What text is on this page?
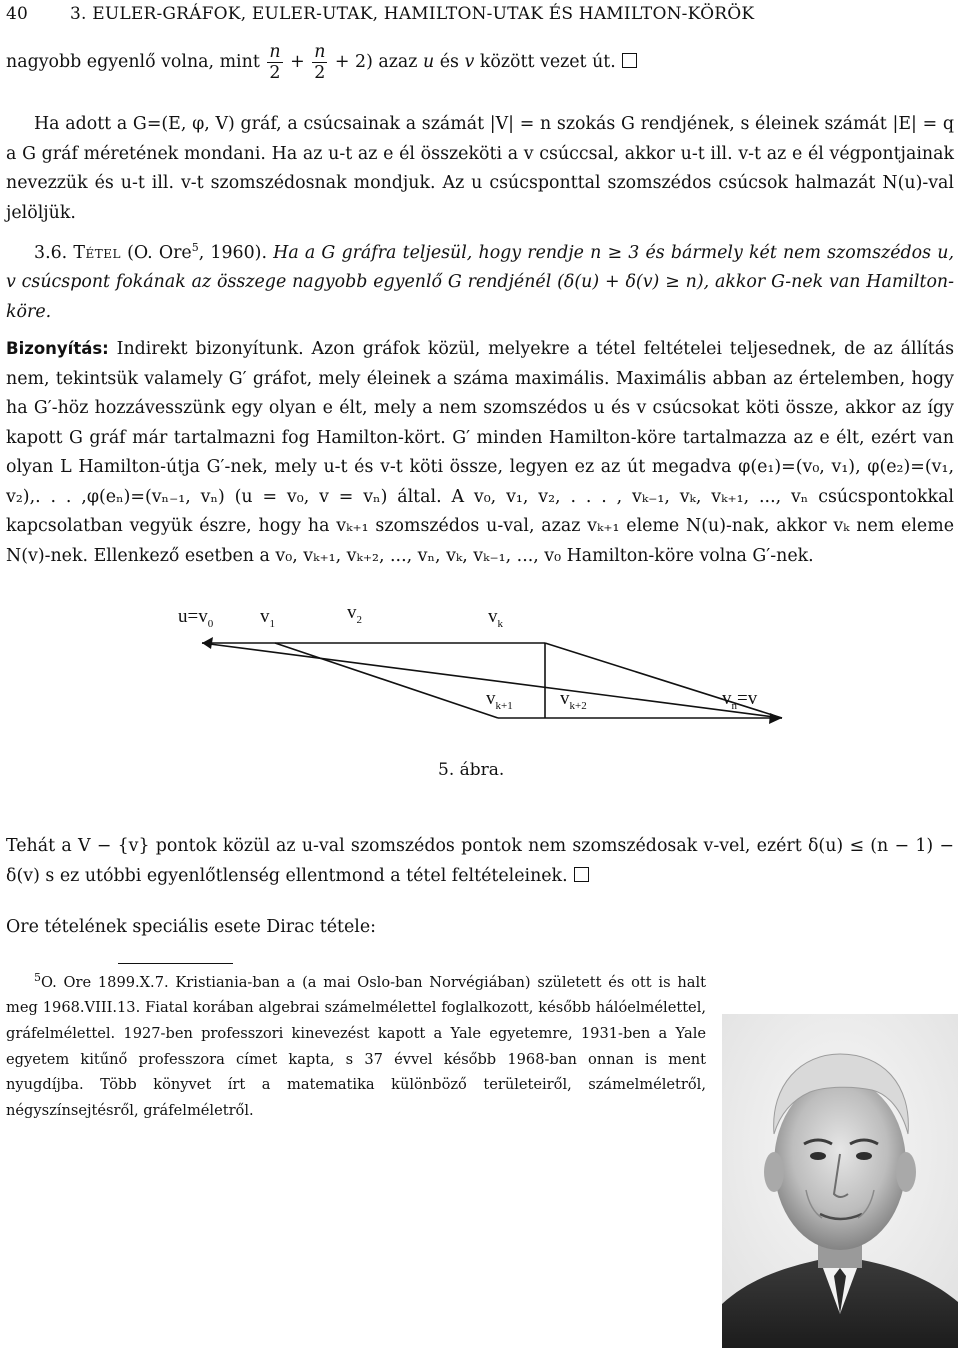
40 3. EULER-GRÁFOK, EULER-UTAK, HAMILTON-UTAK ÉS HAMILTON-KÖRÖK

nagyobb egyenlő volna, mint $\frac{n}{2} + \frac{n}{2} + 2$) azaz u és v között vezet út.

Ha adott a G=(E, φ, V) gráf, a csúcsainak a számát |V| = n szokás G rendjének, s éleinek számát |E| = q a G gráf méretének mondani. Ha az u-t az e él összeköti a v csúccsal, akkor u-t ill. v-t az e él végpontjainak nevezzük és u-t ill. v-t szomszédosnak mondjuk. Az u csúcsponttal szomszédos csúcsok halmazát N(u)-val jelöljük.

3.6. Tétel (O. Ore$^5$, 1960). Ha a G gráfra teljesül, hogy rendje n ≥ 3 és bármely két nem szomszédos u, v csúcspont fokának az összege nagyobb egyenlő G rendjénél (δ(u) + δ(v) ≥ n), akkor G-nek van Hamilton-köre.

Bizonyítás: Indirekt bizonyítunk. Azon gráfok közül, melyekre a tétel feltételei teljesednek, de az állítás nem, tekintsük valamely G′ gráfot, mely éleinek a száma maximális. Maximális abban az értelemben, hogy ha G′-höz hozzávesszünk egy olyan e élt, mely a nem szomszédos u és v csúcsokat köti össze, akkor az így kapott G gráf már tartalmazni fog Hamilton-kört. G′ minden Hamilton-köre tartalmazza az e élt, ezért van olyan L Hamilton-útja G′-nek, mely u-t és v-t köti össze, legyen ez az út megadva φ(e₁)=(v₀, v₁), φ(e₂)=(v₁, v₂),. . . ,φ(eₙ)=(vₙ₋₁, vₙ) (u = v₀, v = vₙ) által. A v₀, v₁, v₂, . . . , vₖ₋₁, vₖ, vₖ₊₁, ..., vₙ csúcspontokkal kapcsolatban vegyük észre, hogy ha vₖ₊₁ szomszédos u-val, azaz vₖ₊₁ eleme N(u)-nak, akkor vₖ nem eleme N(v)-nek. Ellenkező esetben a v₀, vₖ₊₁, vₖ₊₂, ..., vₙ, vₖ, vₖ₋₁, ..., v₀ Hamilton-köre volna G′-nek.

$u=v_0$ $v_1$
$v_2$	$v_k$
$v_{k+1}$ $v_{k+2}$	$v_n=v$
5. ábra.

Tehát a V − {v} pontok közül az u-val szomszédos pontok nem szomszédosak v-vel, ezért δ(u) ≤ (n − 1) − δ(v) s ez utóbbi egyenlőtlenség ellentmond a tétel feltételeinek.

Ore tételének speciális esete Dirac tétele:

$^5$O. Ore 1899.X.7. Kristiania-ban a (a mai Oslo-ban Norvégiában) született és ott is halt meg 1968.VIII.13. Fiatal korában algebrai számelmélettel foglalkozott, később hálóelmélettel, gráfelmélettel. 1927-ben professzori kinevezést kapott a Yale egyetemre, 1931-ben a Yale egyetem kitűnő professzora címet kapta, s 37 évvel később 1968-ban onnan is ment nyugdíjba. Több könyvet írt a matematika különböző területeiről, számelméletről, négyszínsejtésről, gráfelméletről.
